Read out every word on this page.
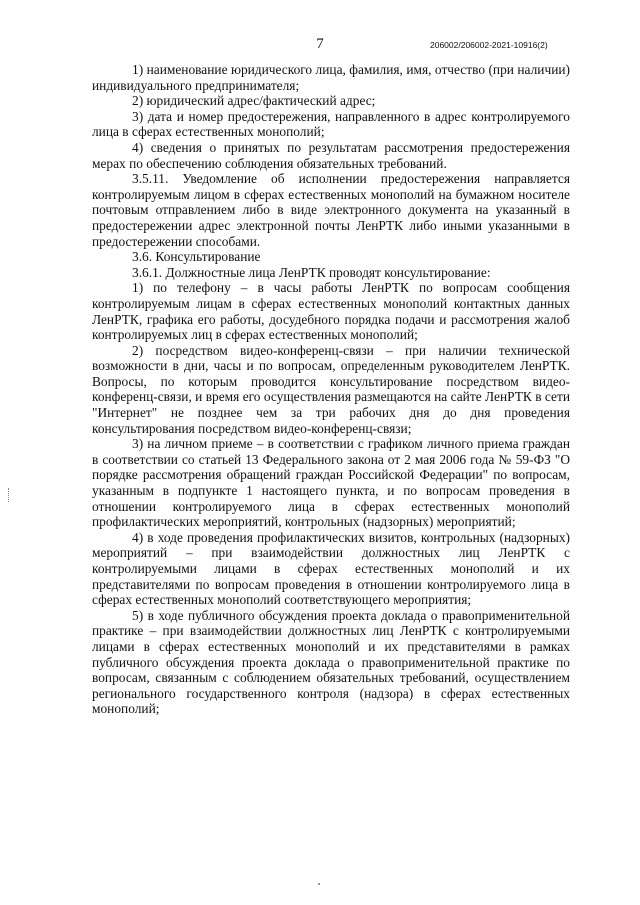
7	206002/206002-2021-10916(2)

1) наименование юридического лица, фамилия, имя, отчество (при наличии) индивидуального предпринимателя;

2) юридический адрес/фактический адрес;

3) дата и номер предостережения, направленного в адрес контролируемого лица в сферах естественных монополий;

4) сведения о принятых по результатам рассмотрения предостережения мерах по обеспечению соблюдения обязательных требований.

3.5.11. Уведомление об исполнении предостережения направляется контролируемым лицом в сферах естественных монополий на бумажном носителе почтовым отправлением либо в виде электронного документа на указанный в предостережении адрес электронной почты ЛенРТК либо иными указанными в предостережении способами.

3.6. Консультирование

3.6.1. Должностные лица ЛенРТК проводят консультирование:

1) по телефону – в часы работы ЛенРТК по вопросам сообщения контролируемым лицам в сферах естественных монополий контактных данных ЛенРТК, графика его работы, досудебного порядка подачи и рассмотрения жалоб контролируемых лиц в сферах естественных монополий;

2) посредством видео-конференц-связи – при наличии технической возможности в дни, часы и по вопросам, определенным руководителем ЛенРТК. Вопросы, по которым проводится консультирование посредством видео-конференц-связи, и время его осуществления размещаются на сайте ЛенРТК в сети "Интернет" не позднее чем за три рабочих дня до дня проведения консультирования посредством видео-конференц-связи;

3) на личном приеме – в соответствии с графиком личного приема граждан в соответствии со статьей 13 Федерального закона от 2 мая 2006 года № 59-ФЗ "О порядке рассмотрения обращений граждан Российской Федерации" по вопросам, указанным в подпункте 1 настоящего пункта, и по вопросам проведения в отношении контролируемого лица в сферах естественных монополий профилактических мероприятий, контрольных (надзорных) мероприятий;

4) в ходе проведения профилактических визитов, контрольных (надзорных) мероприятий – при взаимодействии должностных лиц ЛенРТК с контролируемыми лицами в сферах естественных монополий и их представителями по вопросам проведения в отношении контролируемого лица в сферах естественных монополий соответствующего мероприятия;

5) в ходе публичного обсуждения проекта доклада о правоприменительной практике – при взаимодействии должностных лиц ЛенРТК с контролируемыми лицами в сферах естественных монополий и их представителями в рамках публичного обсуждения проекта доклада о правоприменительной практике по вопросам, связанным с соблюдением обязательных требований, осуществлением регионального государственного контроля (надзора) в сферах естественных монополий;
